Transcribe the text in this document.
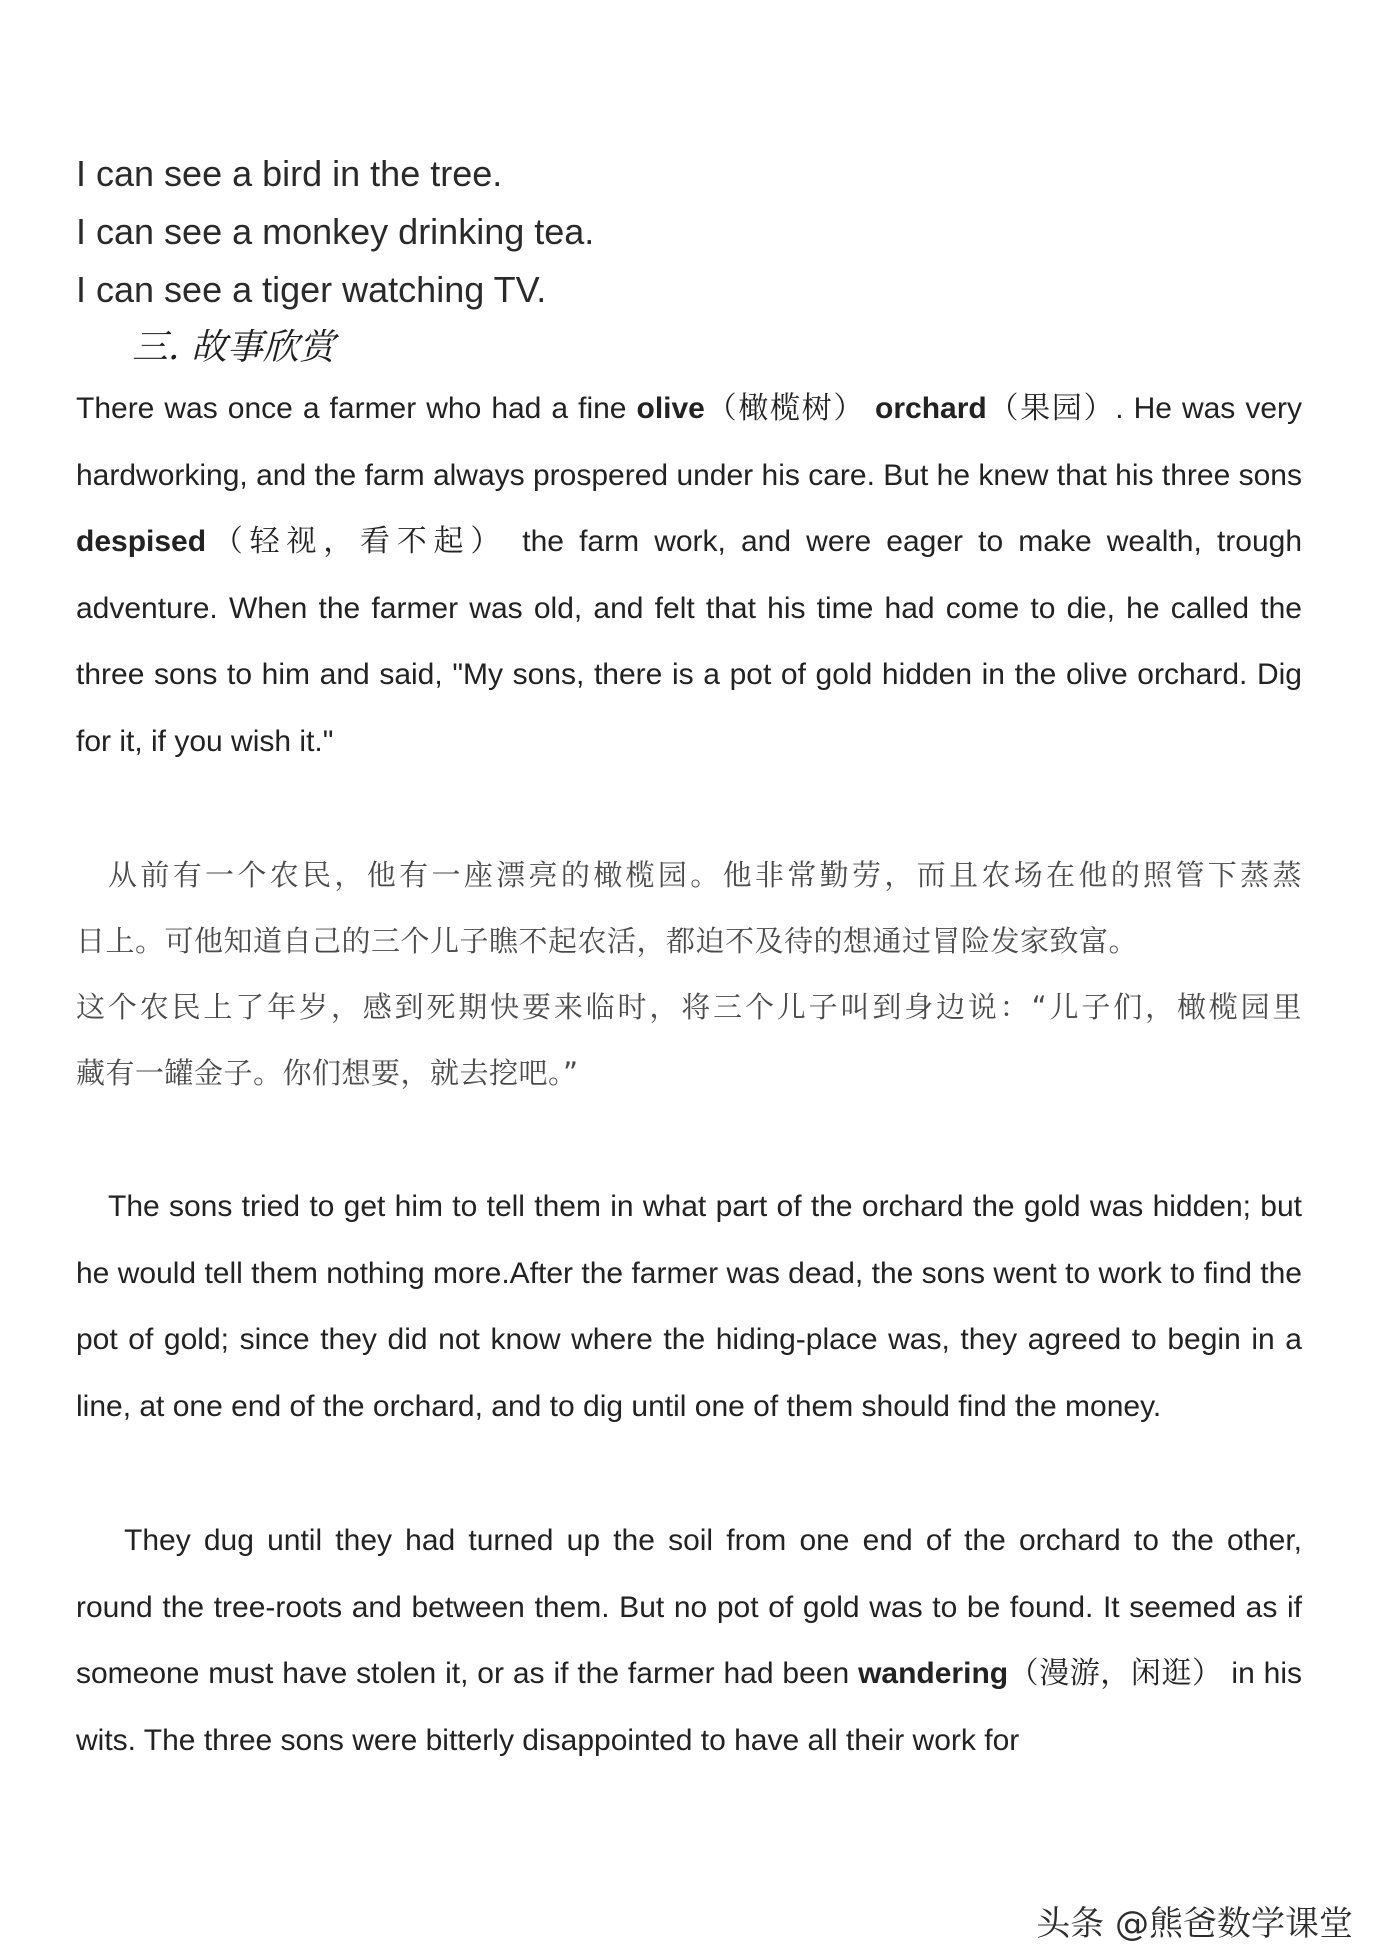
I can see a bird in the tree.
I can see a monkey drinking tea.
I can see a tiger watching TV.
三. 故事欣赏

There was once a farmer who had a fine olive（橄榄树） orchard（果园）. He was very hardworking, and the farm always prospered under his care. But he knew that his three sons despised（轻视，看不起） the farm work, and were eager to make wealth, trough adventure. When the farmer was old, and felt that his time had come to die, he called the three sons to him and said, "My sons, there is a pot of gold hidden in the olive orchard. Dig for it, if you wish it."

从前有一个农民，他有一座漂亮的橄榄园。他非常勤劳，而且农场在他的照管下蒸蒸
日上。可他知道自己的三个儿子瞧不起农活，都迫不及待的想通过冒险发家致富。
这个农民上了年岁，感到死期快要来临时，将三个儿子叫到身边说：“儿子们，橄榄园里
藏有一罐金子。你们想要，就去挖吧。”

The sons tried to get him to tell them in what part of the orchard the gold was hidden; but he would tell them nothing more.After the farmer was dead, the sons went to work to find the pot of gold; since they did not know where the hiding-place was, they agreed to begin in a line, at one end of the orchard, and to dig until one of them should find the money.

They dug until they had turned up the soil from one end of the orchard to the other, round the tree-roots and between them. But no pot of gold was to be found. It seemed as if someone must have stolen it, or as if the farmer had been wandering（漫游，闲逛） in his wits. The three sons were bitterly disappointed to have all their work for

头条 @熊爸数学课堂
